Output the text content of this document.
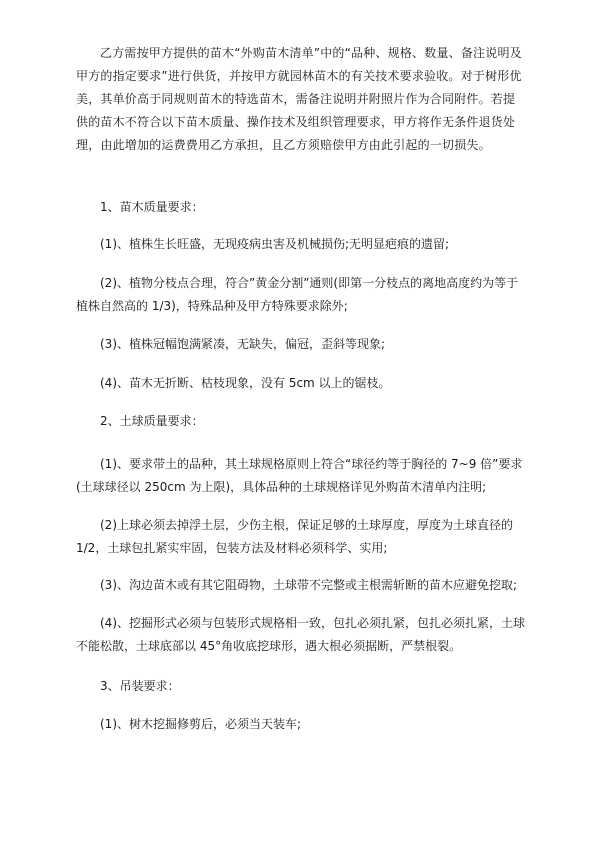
乙方需按甲方提供的苗木“外购苗木清单”中的“品种、规格、数量、备注说明及甲方的指定要求”进行供货，并按甲方就园林苗木的有关技术要求验收。对于树形优美，其单价高于同规则苗木的特选苗木，需备注说明并附照片作为合同附件。若提供的苗木不符合以下苗木质量、操作技术及组织管理要求，甲方将作无条件退货处理，由此增加的运费费用乙方承担，且乙方须赔偿甲方由此引起的一切损失。

1、苗木质量要求：

(1)、植株生长旺盛，无现疫病虫害及机械损伤;无明显疤痕的遗留;

(2)、植物分枝点合理，符合”黄金分割”通则(即第一分枝点的离地高度约为等于植株自然高的 1/3)，特殊品种及甲方特殊要求除外;

(3)、植株冠幅饱满紧凑，无缺失，偏冠，歪斜等现象;

(4)、苗木无折断、枯枝现象，没有 5cm 以上的锯枝。

2、土球质量要求：

(1)、要求带土的品种，其土球规格原则上符合“球径约等于胸径的 7~9 倍”要求(土球球径以 250cm 为上限)，具体品种的土球规格详见外购苗木清单内注明;

(2)上球必须去掉浮土层，少伤主根，保证足够的土球厚度，厚度为土球直径的 1/2，土球包扎紧实牢固，包装方法及材料必须科学、实用;

(3)、沟边苗木或有其它阻碍物，土球带不完整或主根需斩断的苗木应避免挖取;

(4)、挖掘形式必须与包装形式规格相一致，包扎必须扎紧，包扎必须扎紧，土球不能松散，土球底部以 45°角收底挖球形，遇大根必须据断，严禁根裂。

3、吊装要求：

(1)、树木挖掘修剪后，必须当天装车;
